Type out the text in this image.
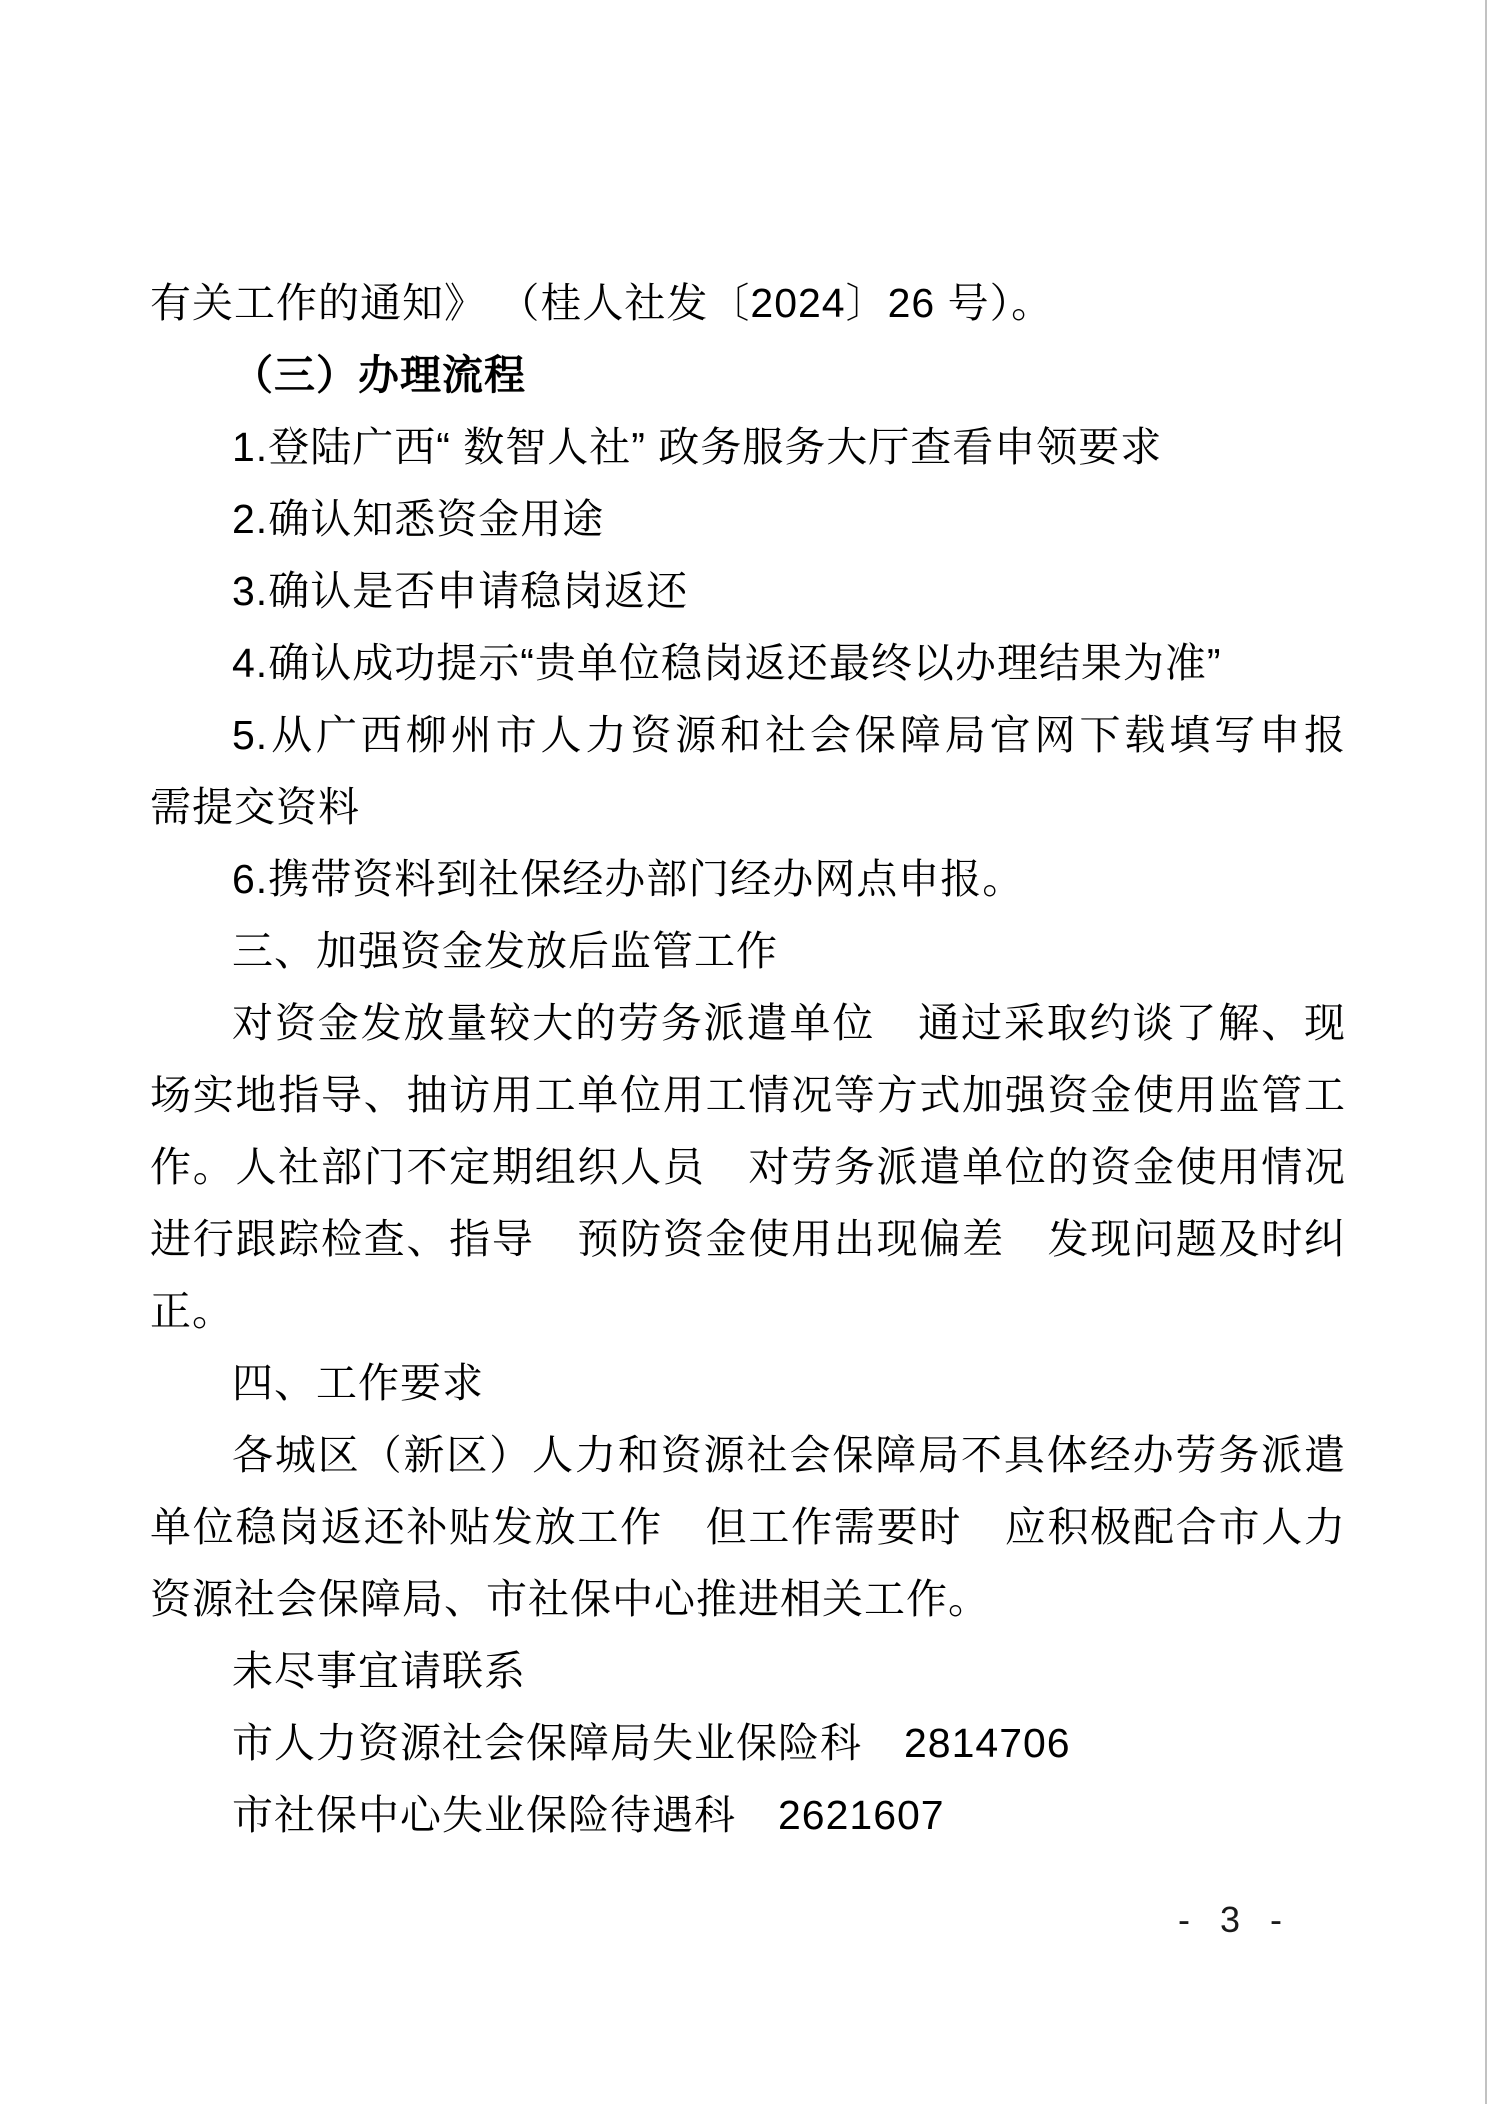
有关工作的通知》 （桂人社发〔2024〕26 号）。
（三）办理流程
1.登陆广西“ 数智人社” 政务服务大厅查看申领要求
2.确认知悉资金用途
3.确认是否申请稳岗返还
4.确认成功提示“贵单位稳岗返还最终以办理结果为准”
5.从广西柳州市人力资源和社会保障局官网下载填写申报
需提交资料
6.携带资料到社保经办部门经办网点申报。
三、加强资金发放后监管工作
对资金发放量较大的劳务派遣单位　通过采取约谈了解、现
场实地指导、抽访用工单位用工情况等方式加强资金使用监管工
作。人社部门不定期组织人员　对劳务派遣单位的资金使用情况
进行跟踪检查、指导　预防资金使用出现偏差　发现问题及时纠
正。
四、工作要求
各城区（新区）人力和资源社会保障局不具体经办劳务派遣
单位稳岗返还补贴发放工作　但工作需要时　应积极配合市人力
资源社会保障局、市社保中心推进相关工作。
未尽事宜请联系
市人力资源社会保障局失业保险科　2814706
市社保中心失业保险待遇科　2621607
- 3 -
